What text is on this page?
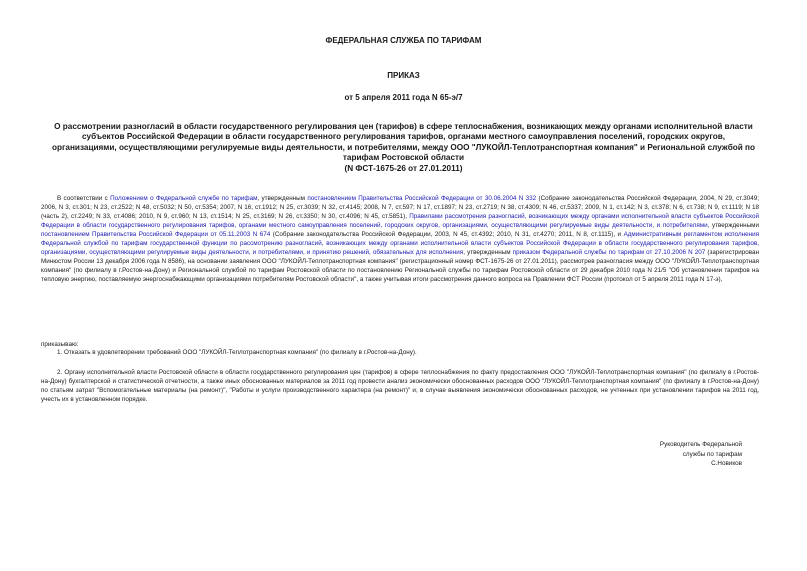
ФЕДЕРАЛЬНАЯ СЛУЖБА ПО ТАРИФАМ
ПРИКАЗ
от 5 апреля 2011 года N 65-э/7
О рассмотрении разногласий в области государственного регулирования цен (тарифов) в сфере теплоснабжения, возникающих между органами исполнительной власти субъектов Российской Федерации в области государственного регулирования тарифов, органами местного самоуправления поселений, городских округов, организациями, осуществляющими регулируемые виды деятельности, и потребителями, между ООО "ЛУКОЙЛ-Теплотранспортная компания" и Региональной службой по тарифам Ростовской области
(N ФСТ-1675-26 от 27.01.2011)
В соответствии с Положением о Федеральной службе по тарифам, утвержденным постановлением Правительства Российской Федерации от 30.06.2004 N 332 (Собрание законодательства Российской Федерации, 2004, N 29, ст.3049; 2006, N 3, ст.301; N 23, ст.2522; N 48, ст.5032; N 50, ст.5354; 2007, N 16, ст.1912; N 25, ст.3039; N 32, ст.4145; 2008, N 7, ст.597; N 17, ст.1897; N 23, ст.2719; N 38, ст.4309; N 46, ст.5337; 2009, N 1, ст.142; N 3, ст.378; N 6, ст.738; N 9, ст.1119; N 18 (часть 2), ст.2249; N 33, ст.4086; 2010, N 9, ст.960; N 13, ст.1514; N 25, ст.3169; N 26, ст.3350; N 30, ст.4096; N 45, ст.5851), Правилами рассмотрения разногласий, возникающих между органами исполнительной власти субъектов Российской Федерации в области государственного регулирования тарифов, органами местного самоуправления поселений, городских округов, организациями, осуществляющими регулируемые виды деятельности, и потребителями, утвержденными постановлением Правительства Российской Федерации от 05.11.2003 N 674 (Собрание законодательства Российской Федерации, 2003, N 45, ст.4392; 2010, N 31, ст.4270; 2011, N 8, ст.1115), и Административным регламентом исполнения Федеральной службой по тарифам государственной функции по рассмотрению разногласий, возникающих между органами исполнительной власти субъектов Российской Федерации в области государственного регулирования тарифов, организациями, осуществляющими регулируемые виды деятельности, и потребителями, и принятию решений, обязательных для исполнения, утвержденным приказом Федеральной службы по тарифам от 27.10.2006 N 207 (зарегистрирован Минюстом России 13 декабря 2006 года N 8586), на основании заявления ООО "ЛУКОЙЛ-Теплотранспортная компания" (регистрационный номер ФСТ-1675-26 от 27.01.2011), рассмотрев разногласия между ООО "ЛУКОЙЛ-Теплотранспортная компания" (по филиалу в г.Ростов-на-Дону) и Региональной службой по тарифам Ростовской области по постановлению Региональной службы по тарифам Ростовской области от 29 декабря 2010 года N 21/5 "Об установлении тарифов на тепловую энергию, поставляемую энергоснабжающими организациями потребителям Ростовской области", а также учитывая итоги рассмотрения данного вопроса на Правлении ФСТ России (протокол от 5 апреля 2011 года N 17-э),
приказываю:
1. Отказать в удовлетворении требований ООО "ЛУКОЙЛ-Теплотранспортная компания" (по филиалу в г.Ростов-на-Дону).
2. Органу исполнительной власти Ростовской области в области государственного регулирования цен (тарифов) в сфере теплоснабжения по факту предоставления ООО "ЛУКОЙЛ-Теплотранспортная компания" (по филиалу в г.Ростов-на-Дону) бухгалтерской и статистической отчетности, а также иных обоснованных материалов за 2011 год провести анализ экономически обоснованных расходов ООО "ЛУКОЙЛ-Теплотранспортная компания" (по филиалу в г.Ростов-на-Дону) по статьям затрат "Вспомогательные материалы (на ремонт)", "Работы и услуги производственного характера (на ремонт)" и, в случае выявления экономически обоснованных расходов, не учтенных при установлении тарифов на 2011 год, учесть их в установленном порядке.
Руководитель Федеральной
службы по тарифам
С.Новиков
